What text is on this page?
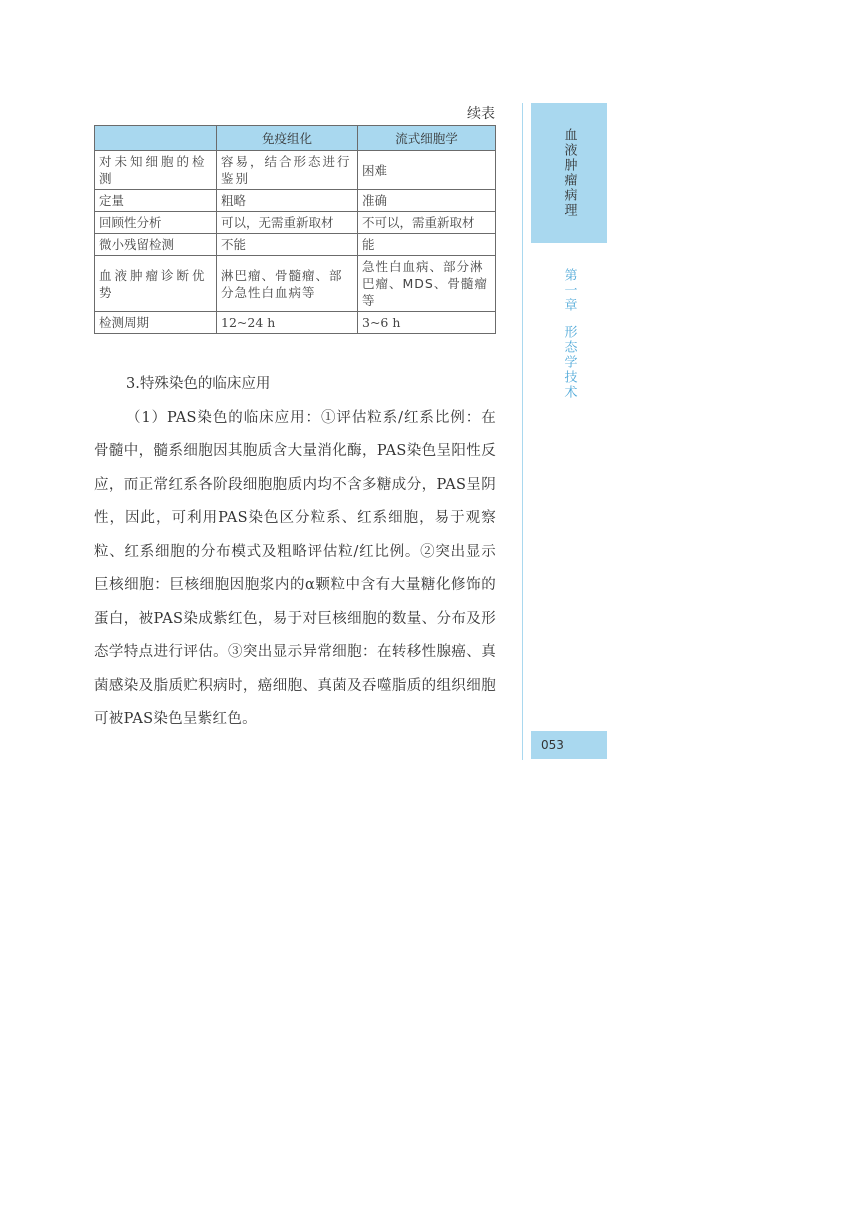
续表
	免疫组化	流式细胞学
对未知细胞的检测	容易，结合形态进行鉴别	困难
定量	粗略	准确
回顾性分析	可以，无需重新取材	不可以，需重新取材
微小残留检测	不能	能
血液肿瘤诊断优势	淋巴瘤、骨髓瘤、部分急性白血病等	急性白血病、部分淋巴瘤、MDS、骨髓瘤等
检测周期	12~24 h	3~6 h

3.特殊染色的临床应用

（1）PAS染色的临床应用：①评估粒系/红系比例：在骨髓中，髓系细胞因其胞质含大量消化酶，PAS染色呈阳性反应，而正常红系各阶段细胞胞质内均不含多糖成分，PAS呈阴性，因此，可利用PAS染色区分粒系、红系细胞，易于观察粒、红系细胞的分布模式及粗略评估粒/红比例。②突出显示巨核细胞：巨核细胞因胞浆内的α颗粒中含有大量糖化修饰的蛋白，被PAS染成紫红色，易于对巨核细胞的数量、分布及形态学特点进行评估。③突出显示异常细胞：在转移性腺癌、真菌感染及脂质贮积病时，癌细胞、真菌及吞噬脂质的组织细胞可被PAS染色呈紫红色。

血液肿瘤病理
第一章形态学技术
053
